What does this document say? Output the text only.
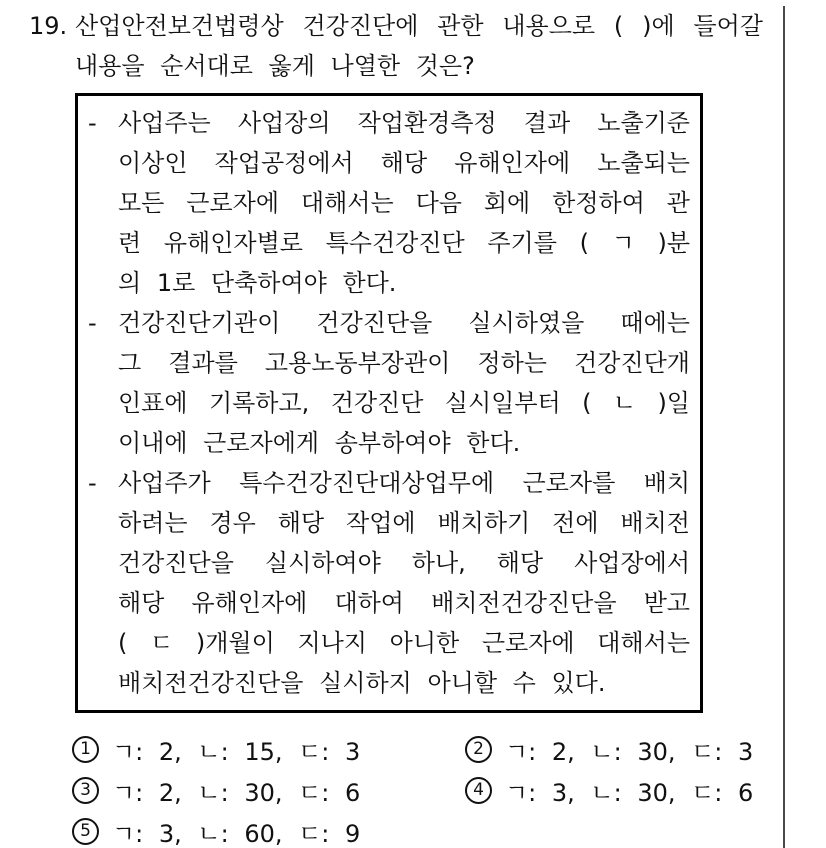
19. 산업안전보건법령상 건강진단에 관한 내용으로 ( )에 들어갈
내용을 순서대로 옳게 나열한 것은?
- 사업주는 사업장의 작업환경측정 결과 노출기준
이상인 작업공정에서 해당 유해인자에 노출되는
모든 근로자에 대해서는 다음 회에 한정하여 관
련 유해인자별로 특수건강진단 주기를 ( ㄱ )분
의 1로 단축하여야 한다.
- 건강진단기관이 건강진단을 실시하였을 때에는
그 결과를 고용노동부장관이 정하는 건강진단개
인표에 기록하고, 건강진단 실시일부터 ( ㄴ )일
이내에 근로자에게 송부하여야 한다.
- 사업주가 특수건강진단대상업무에 근로자를 배치
하려는 경우 해당 작업에 배치하기 전에 배치전
건강진단을 실시하여야 하나, 해당 사업장에서
해당 유해인자에 대하여 배치전건강진단을 받고
( ㄷ )개월이 지나지 아니한 근로자에 대해서는
배치전건강진단을 실시하지 아니할 수 있다.
1 ㄱ: 2, ㄴ: 15, ㄷ: 3	2 ㄱ: 2, ㄴ: 30, ㄷ: 3
3 ㄱ: 2, ㄴ: 30, ㄷ: 6	4 ㄱ: 3, ㄴ: 30, ㄷ: 6
5 ㄱ: 3, ㄴ: 60, ㄷ: 9
